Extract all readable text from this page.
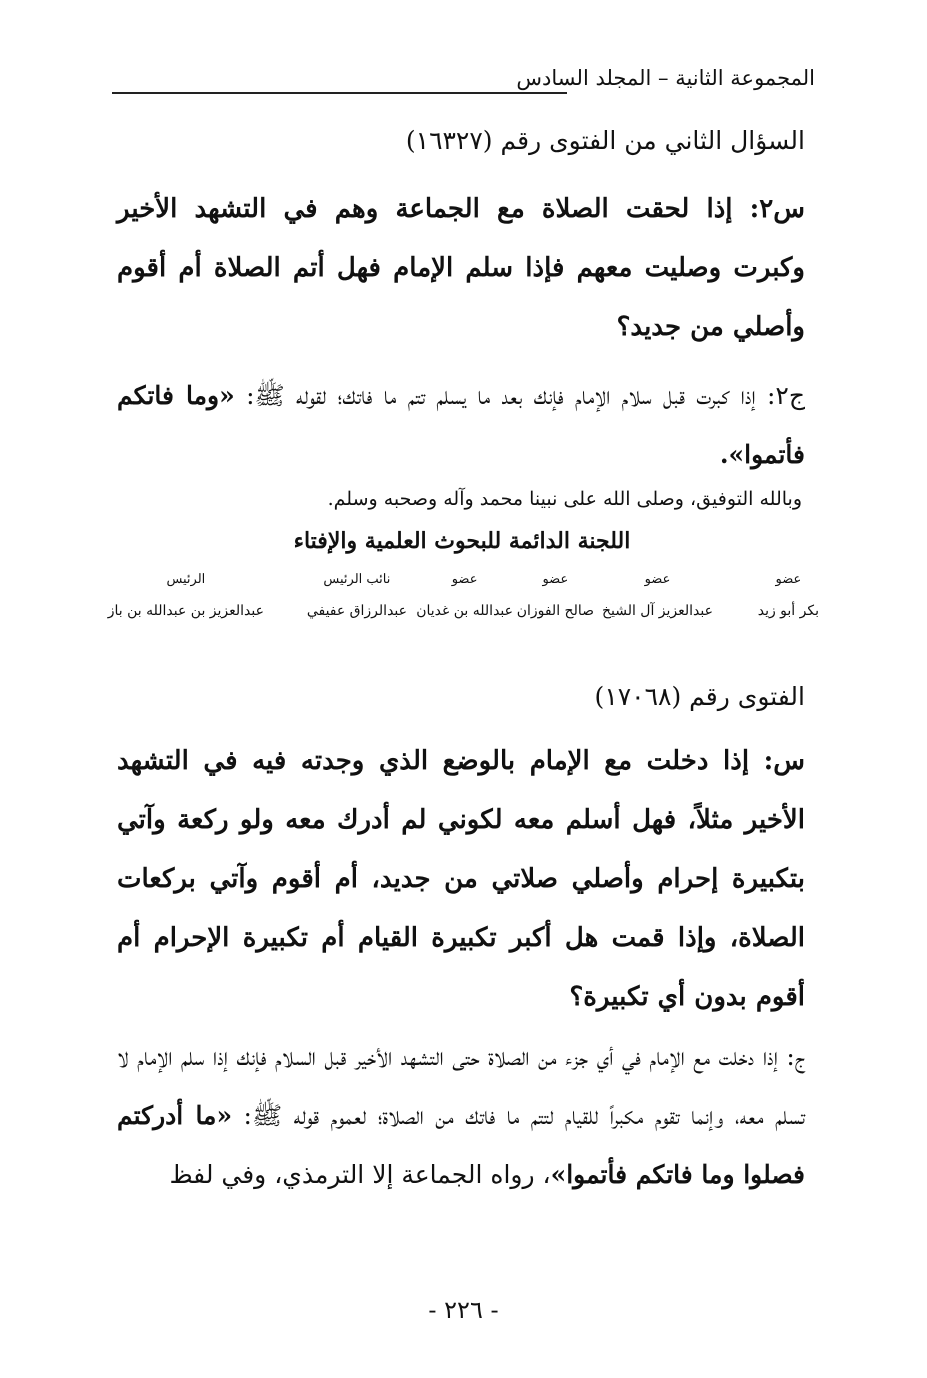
المجموعة الثانية – المجلد السادس
السؤال الثاني من الفتوى رقم (١٦٣٢٧)
س٢: إذا لحقت الصلاة مع الجماعة وهم في التشهد الأخير وكبرت وصليت معهم فإذا سلم الإمام فهل أتم الصلاة أم أقوم وأصلي من جديد؟
ج٢: إذا كبرت قبل سلام الإمام فإنك بعد ما يسلم تتم ما فاتك؛ لقوله ﷺ: «وما فاتكم فأتموا».
وبالله التوفيق، وصلى الله على نبينا محمد وآله وصحبه وسلم.
اللجنة الدائمة للبحوث العلمية والإفتاء
عضو
بكر أبو زيد
عضو
عبدالعزيز آل الشيخ
عضو
صالح الفوزان
عضو
عبدالله بن غديان
نائب الرئيس
عبدالرزاق عفيفي
الرئيس
عبدالعزيز بن عبدالله بن باز
الفتوى رقم (١٧٠٦٨)
س: إذا دخلت مع الإمام بالوضع الذي وجدته فيه في التشهد الأخير مثلاً، فهل أسلم معه لكوني لم أدرك معه ولو ركعة وآتي بتكبيرة إحرام وأصلي صلاتي من جديد، أم أقوم وآتي بركعات الصلاة، وإذا قمت هل أكبر تكبيرة القيام أم تكبيرة الإحرام أم أقوم بدون أي تكبيرة؟
ج: إذا دخلت مع الإمام في أي جزء من الصلاة حتى التشهد الأخير قبل السلام فإنك إذا سلم الإمام لا تسلم معه، وإنما تقوم مكبراً للقيام لتتم ما فاتك من الصلاة؛ لعموم قوله ﷺ: «ما أدركتم فصلوا وما فاتكم فأتموا»، رواه الجماعة إلا الترمذي، وفي لفظ
- ٢٢٦ -
